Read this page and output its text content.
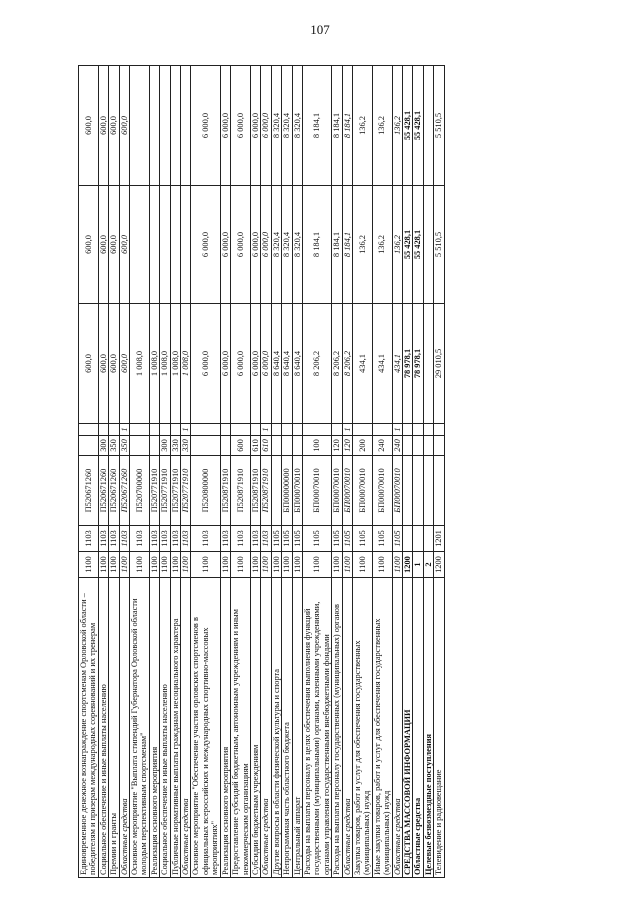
107
Единовременное денежное вознаграждение спортсменам Орловской области – победителям и призерам международных соревнований и их тренерам	1100	1103	П520671260			600,0	600,0	600,0
Социальное обеспечение и иные выплаты населению	1100	1103	П520671260	300		600,0	600,0	600,0
Премии и гранты	1100	1103	П520671260	350		600,0	600,0	600,0
Областные средства	1100	1103	П520671260	350	1	600,0	600,0	600,0
Основное мероприятие "Выплата стипендий Губернатора Орловской области молодым перспективным спортсменам"	1100	1103	П520700000			1 008,0		
Реализация основного мероприятия	1100	1103	П520771910			1 008,0		
Социальное обеспечение и иные выплаты населению	1100	1103	П520771910	300		1 008,0		
Публичные нормативные выплаты гражданам несоциального характера	1100	1103	П520771910	330		1 008,0		
Областные средства	1100	1103	П520771910	330	1	1 008,0		
Основное мероприятие "Обеспечение участия орловских спортсменов в официальных всероссийских и международных спортивно-массовых мероприятиях"	1100	1103	П520800000			6 000,0	6 000,0	6 000,0
Реализация основного мероприятия	1100	1103	П520871910			6 000,0	6 000,0	6 000,0
Предоставление субсидий бюджетным, автономным учреждениям и иным некоммерческим организациям	1100	1103	П520871910	600		6 000,0	6 000,0	6 000,0
Субсидии бюджетным учреждениям	1100	1103	П520871910	610		6 000,0	6 000,0	6 000,0
Областные средства	1100	1103	П520871910	610	1	6 000,0	6 000,0	6 000,0
Другие вопросы в области физической культуры и спорта	1100	1105				8 640,4	8 320,4	8 320,4
Непрограммная часть областного бюджета	1100	1105	БП00000000			8 640,4	8 320,4	8 320,4
Центральный аппарат	1100	1105	БП00070010			8 640,4	8 320,4	8 320,4
Расходы на выплаты персоналу в целях обеспечения выполнения функций государственными (муниципальными) органами, казенными учреждениями, органами управления государственными внебюджетными фондами	1100	1105	БП00070010	100		8 206,2	8 184,1	8 184,1
Расходы на выплаты персоналу государственных (муниципальных) органов	1100	1105	БП00070010	120		8 206,2	8 184,1	8 184,1
Областные средства	1100	1105	БП00070010	120	1	8 206,2	8 184,1	8 184,1
Закупка товаров, работ и услуг для обеспечения государственных (муниципальных) нужд	1100	1105	БП00070010	200		434,1	136,2	136,2
Иные закупки товаров, работ и услуг для обеспечения государственных (муниципальных) нужд	1100	1105	БП00070010	240		434,1	136,2	136,2
Областные средства	1100	1105	БП00070010	240	1	434,1	136,2	136,2
СРЕДСТВА МАССОВОЙ ИНФОРМАЦИИ	1200					78 978,1	55 428,1	55 428,1
Областные средства	1					78 978,1	55 428,1	55 428,1
Целевые безвозмездные поступления	2							
Телевидение и радиовещание	1200	1201				29 010,5	5 510,5	5 510,5
